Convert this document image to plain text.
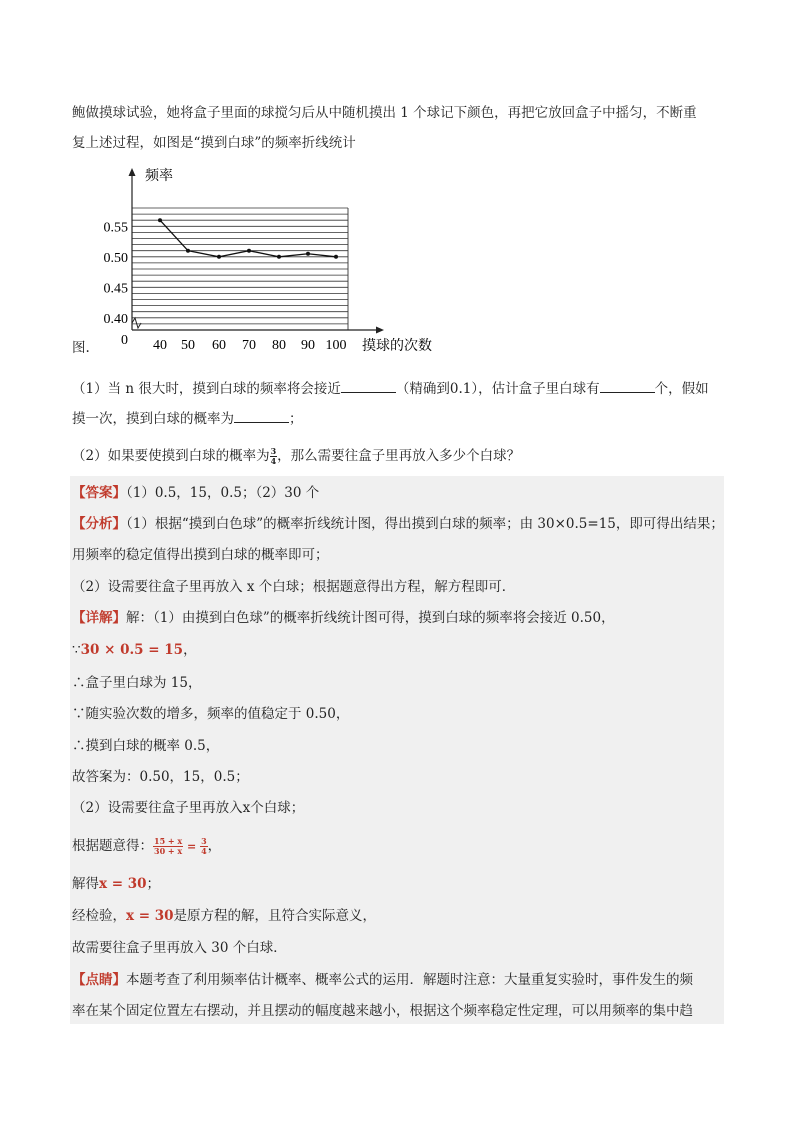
鲍做摸球试验，她将盒子里面的球搅匀后从中随机摸出 1 个球记下颜色，再把它放回盒子中摇匀，不断重
复上述过程，如图是“摸到白球”的频率折线统计
频率
摸球的次数
0
0.55
0.50
0.45
0.40
40 50 60 70 80 90 100
图.
（1）当 n 很大时，摸到白球的频率将会接近	（精确到0.1），估计盒子里白球有	个，假如
摸一次，摸到白球的概率为	；
（2）如果要使摸到白球的概率为 $\frac{3}{4}$ ，那么需要往盒子里再放入多少个白球？
【答案】（1）0.5，15，0.5；（2）30 个
【分析】（1）根据“摸到白色球”的概率折线统计图，得出摸到白球的频率；由 30×0.5=15，即可得出结果；
用频率的稳定值得出摸到白球的概率即可；
（2）设需要往盒子里再放入 x 个白球；根据题意得出方程，解方程即可．
【详解】解：（1）由摸到白色球”的概率折线统计图可得，摸到白球的频率将会接近 0.50，
∵30 × 0.5 = 15，
∴盒子里白球为 15，
∵随实验次数的增多，频率的值稳定于 0.50，
∴摸到白球的概率 0.5，
故答案为：0.50，15，0.5；
（2）设需要往盒子里再放入x个白球；
根据题意得： $\frac{15 + x}{30 + x} = \frac{3}{4}$ ，
解得x = 30；
经检验，x = 30是原方程的解，且符合实际意义，
故需要往盒子里再放入 30 个白球．
【点睛】本题考查了利用频率估计概率、概率公式的运用．解题时注意：大量重复实验时，事件发生的频
率在某个固定位置左右摆动，并且摆动的幅度越来越小，根据这个频率稳定性定理，可以用频率的集中趋
